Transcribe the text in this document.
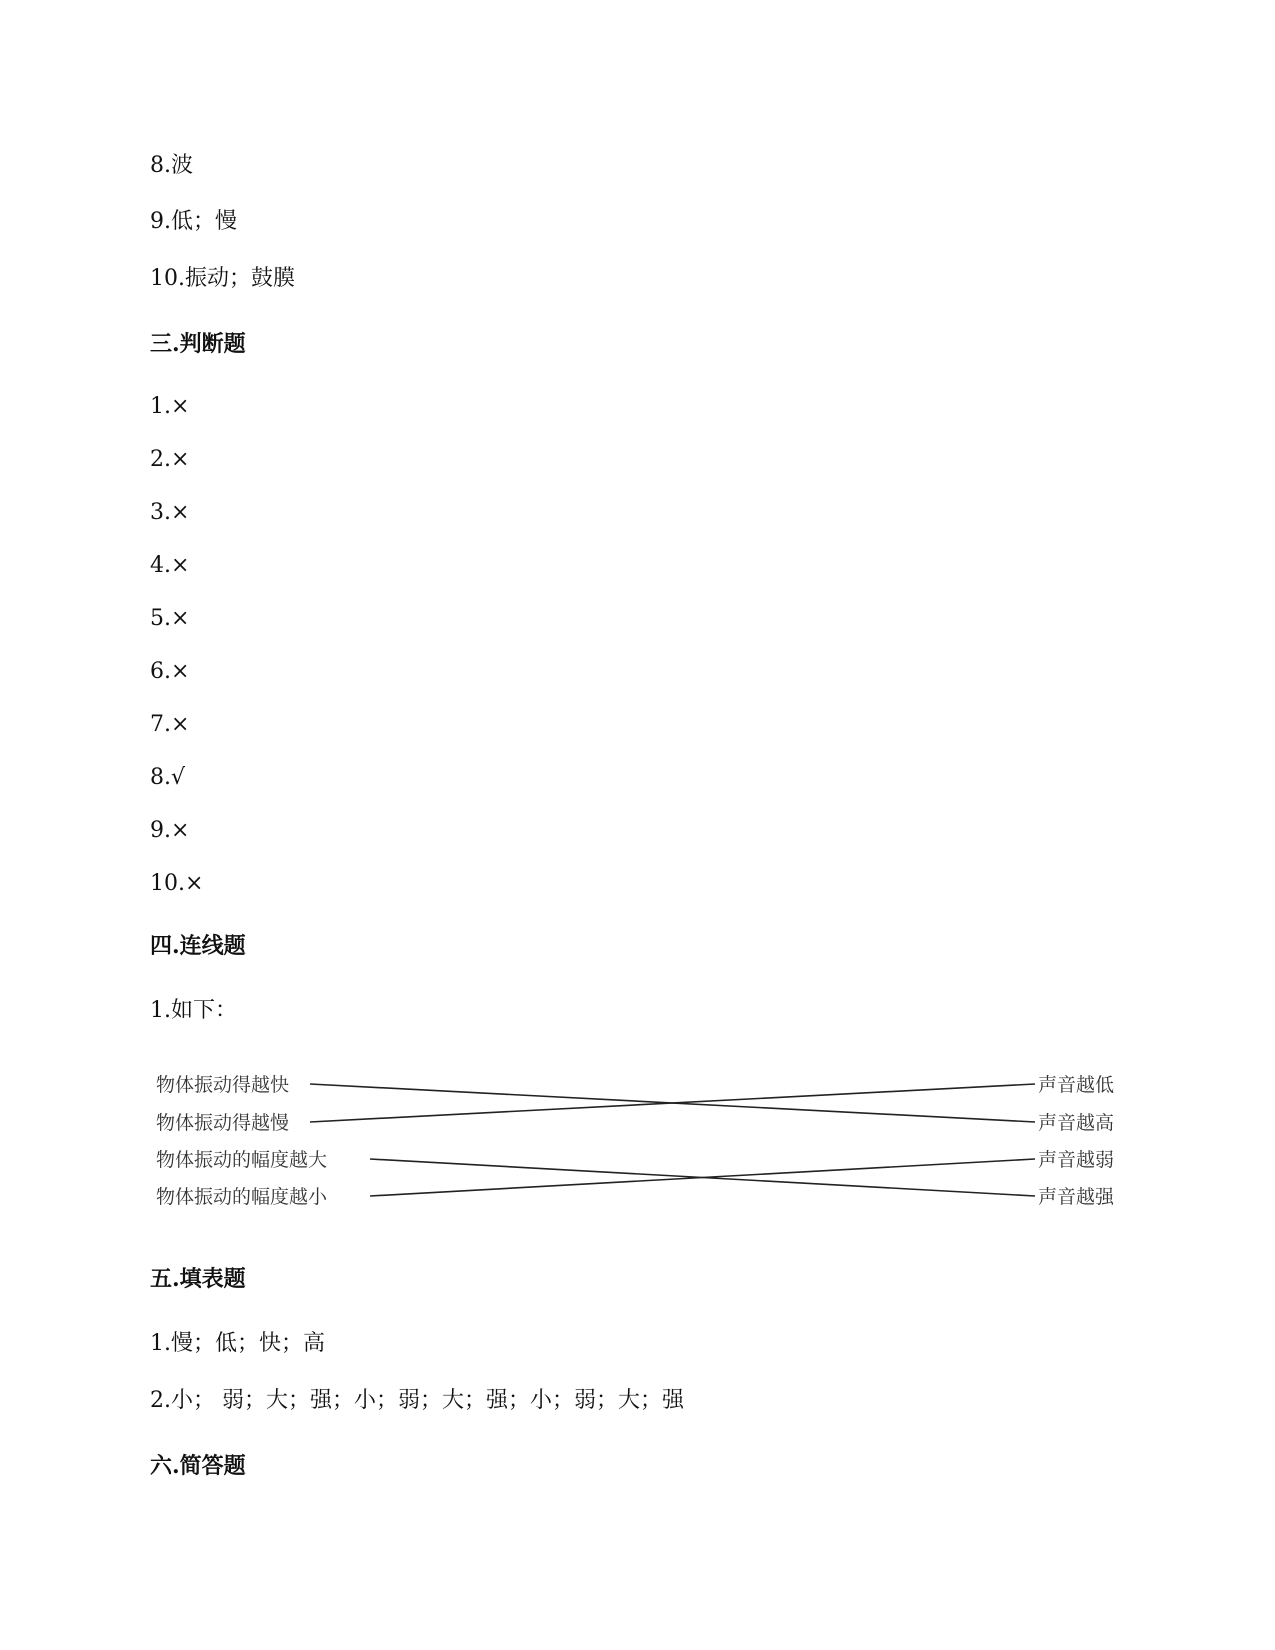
8.波
9.低；慢
10.振动；鼓膜
三.判断题
1.×
2.×
3.×
4.×
5.×
6.×
7.×
8.√
9.×
10.×
四.连线题
1.如下：
物体振动得越快
物体振动得越慢
物体振动的幅度越大
物体振动的幅度越小
声音越低
声音越高
声音越弱
声音越强
五.填表题
1.慢；低；快；高
2.小； 弱；大；强；小；弱；大；强；小；弱；大；强
六.简答题
